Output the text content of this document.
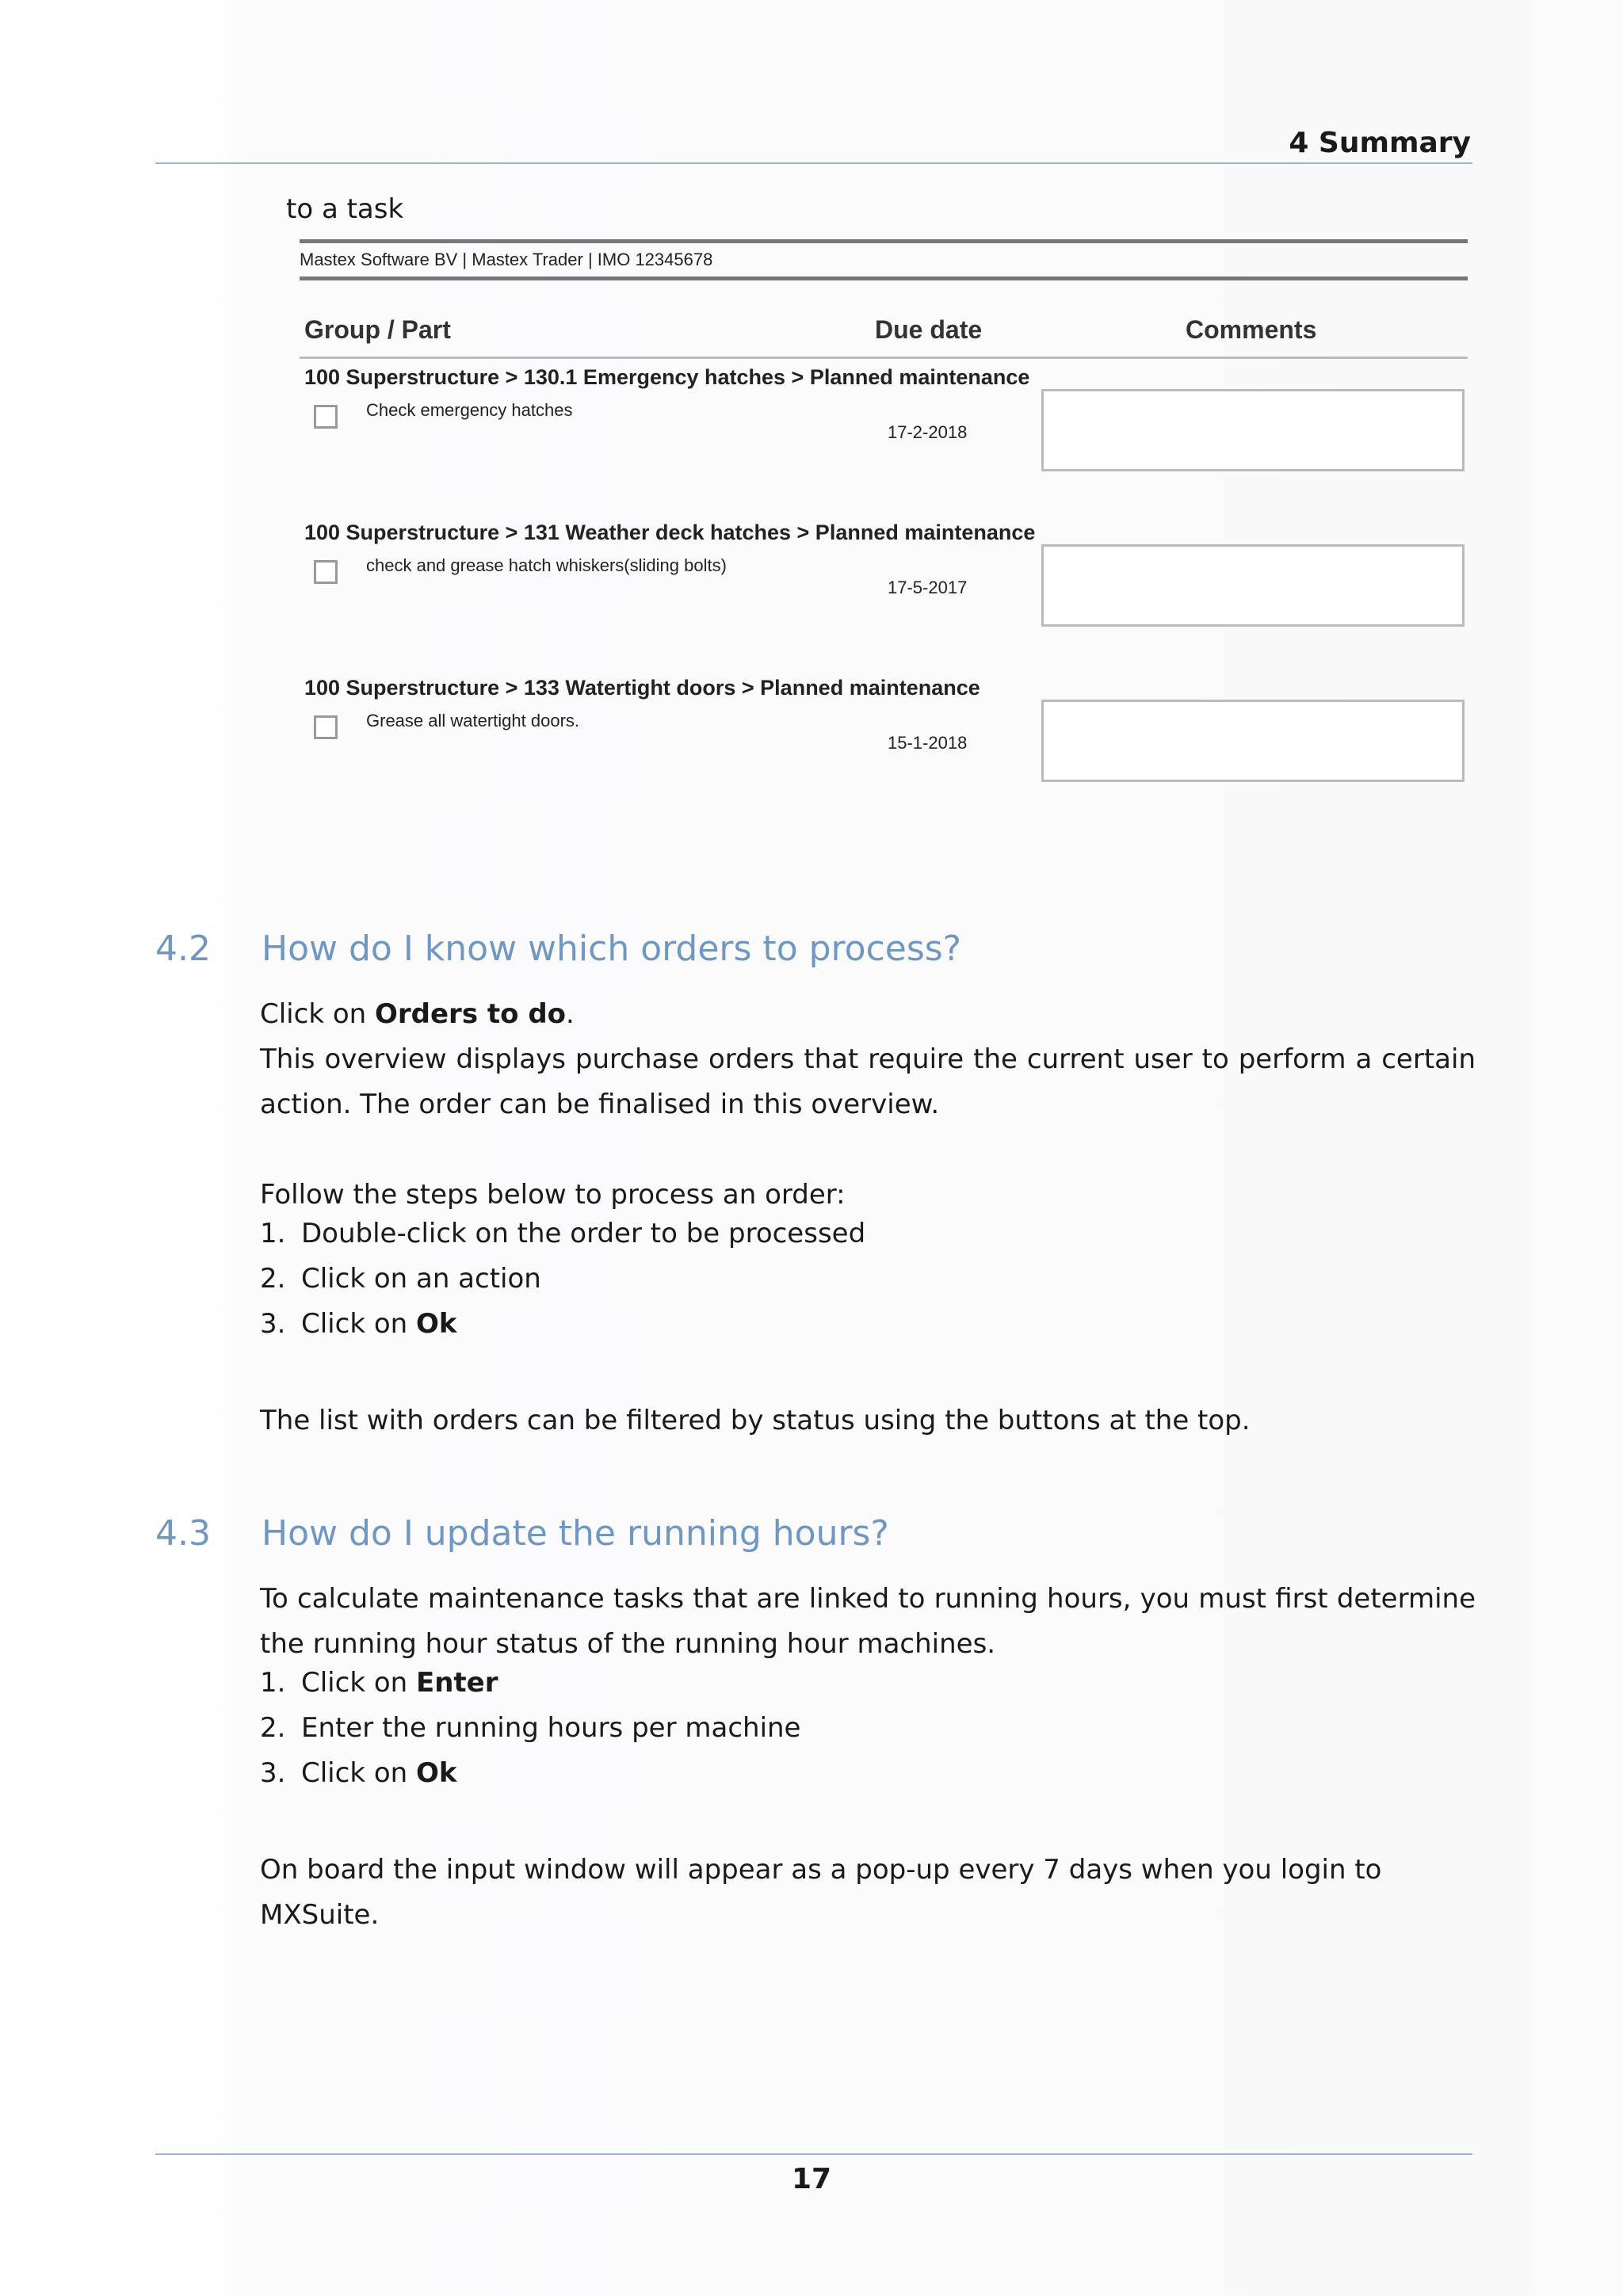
4 Summary
to a task
Mastex Software BV | Mastex Trader | IMO 12345678
Group / Part	Due date	Comments
100 Superstructure > 130.1 Emergency hatches > Planned maintenance
Check emergency hatches
17-2-2018
100 Superstructure > 131 Weather deck hatches > Planned maintenance
check and grease hatch whiskers(sliding bolts)
17-5-2017
100 Superstructure > 133 Watertight doors > Planned maintenance
Grease all watertight doors.
15-1-2018
4.2 How do I know which orders to process?
Click on Orders to do.
This overview displays purchase orders that require the current user to perform a certain action. The order can be finalised in this overview.
Follow the steps below to process an order:
1. Double-click on the order to be processed
2. Click on an action
3. Click on Ok
The list with orders can be filtered by status using the buttons at the top.
4.3 How do I update the running hours?
To calculate maintenance tasks that are linked to running hours, you must first determine the running hour status of the running hour machines.
1. Click on Enter
2. Enter the running hours per machine
3. Click on Ok
On board the input window will appear as a pop-up every 7 days when you login to MXSuite.
17
